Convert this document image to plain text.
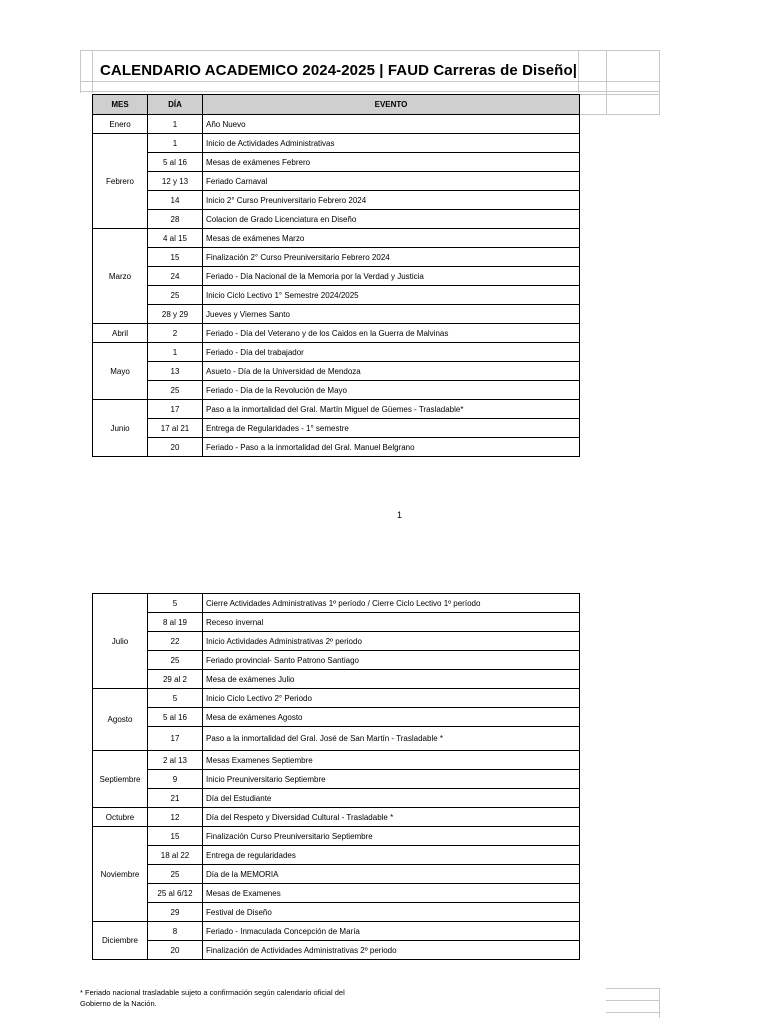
CALENDARIO ACADEMICO 2024-2025 | FAUD Carreras de Diseño|
MES	DÍA	EVENTO
Enero	1	Año Nuevo
Febrero	1	Inicio de Actividades Administrativas
	5 al 16	Mesas de exámenes Febrero
	12 y 13	Feriado Carnaval
	14	Inicio 2° Curso Preuniversitario Febrero 2024
	28	Colacion de Grado Licenciatura en Diseño
Marzo	4 al 15	Mesas de exámenes Marzo
	15	Finalización 2° Curso Preuniversitario Febrero 2024
	24	Feriado - Día Nacional de la Memoria por la Verdad y Justicia
	25	Inicio Ciclo Lectivo 1° Semestre 2024/2025
	28 y 29	Jueves y Viernes Santo
Abril	2	Feriado - Día del Veterano y de los Caidos en la Guerra de Malvinas
Mayo	1	Feriado - Día del trabajador
	13	Asueto - Día de la Universidad de Mendoza
	25	Feriado - Día de la Revolución de Mayo
Junio	17	Paso a la inmortalidad del Gral. Martín Miguel de Güemes - Trasladable*
	17 al 21	Entrega de Regularidades - 1° semestre
	20	Feriado - Paso a la inmortalidad del Gral. Manuel Belgrano
1
Julio	5	Cierre Actividades Administrativas 1º período / Cierre Ciclo Lectivo 1º período
	8 al 19	Receso invernal
	22	Inicio Actividades Administrativas 2º periodo
	25	Feriado provincial- Santo Patrono Santiago
	29 al 2	Mesa de exámenes Julio
Agosto	5	Inicio Ciclo Lectivo 2° Periodo
	5 al 16	Mesa de exámenes Agosto
	17	Paso a la inmortalidad del Gral. José de San Martín - Trasladable *
Septiembre	2 al 13	Mesas Examenes Septiembre
	9	Inicio Preuniversitario Septiembre
	21	Día del Estudiante
Octubre	12	Día del Respeto y Diversidad Cultural - Trasladable *
Noviembre	15	Finalización Curso Preuniversitario Septiembre
	18 al 22	Entrega de regularidades
	25	Día de la MEMORIA
	25 al 6/12	Mesas de Examenes
	29	Festival de Diseño
Diciembre	8	Feriado - Inmaculada Concepción de María
	20	Finalización de Actividades Administrativas 2º periodo
* Feriado nacional trasladable sujeto a confirmación según calendario oficial del
Gobierno de la Nación.
